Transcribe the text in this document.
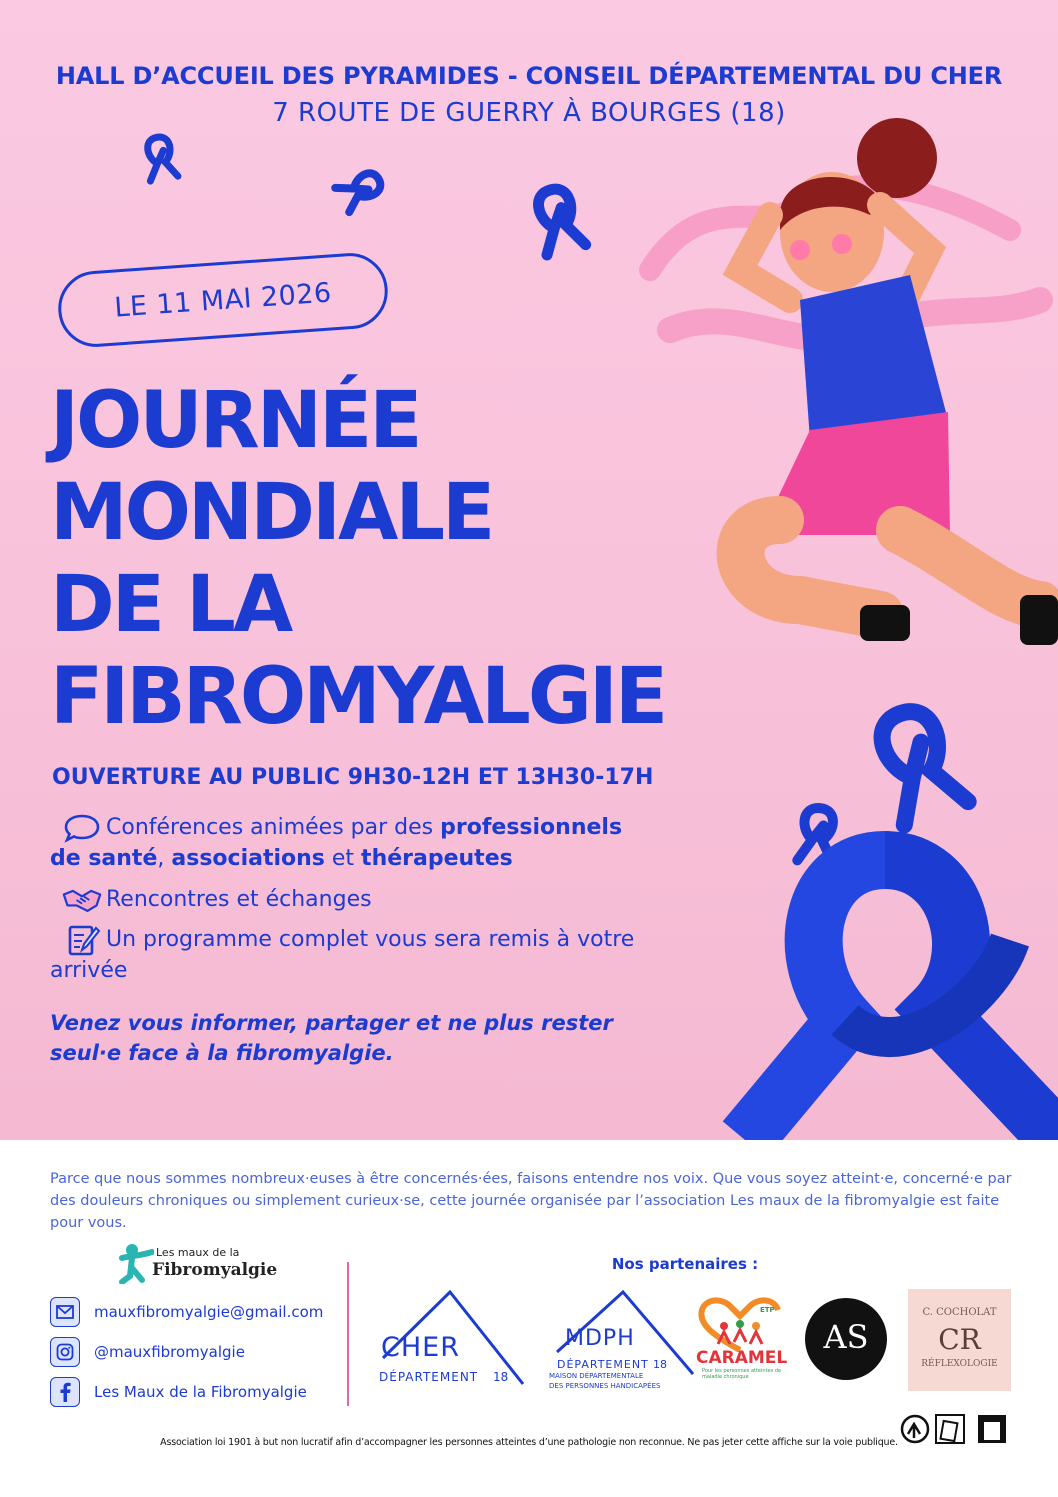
HALL D’ACCUEIL DES PYRAMIDES - CONSEIL DÉPARTEMENTAL DU CHER
7 ROUTE DE GUERRY À BOURGES (18)
LE 11 MAI 2026
JOURNÉE
MONDIALE
DE LA
FIBROMYALGIE
OUVERTURE AU PUBLIC 9H30-12H ET 13H30-17H
Conférences animées par des professionnels
de santé, associations et thérapeutes
Rencontres et échanges
Un programme complet vous sera remis à votre arrivée
Venez vous informer, partager et ne plus rester seul·e face à la fibromyalgie.
Parce que nous sommes nombreux·euses à être concernés·ées, faisons entendre nos voix. Que vous soyez atteint·e, concerné·e par des douleurs chroniques ou simplement curieux·se, cette journée organisée par l’association Les maux de la fibromyalgie est faite pour vous.
Les maux de la
Fibromyalgie
mauxfibromyalgie@gmail.com
@mauxfibromyalgie
Les Maux de la Fibromyalgie
Nos partenaires :
CHER
DÉPARTEMENT 18
MDPH
DÉPARTEMENT 18
MAISON DÉPARTEMENTALE
DES PERSONNES HANDICAPÉES
ETP
CARAMEL
Pour les personnes atteintes de maladie chronique
AS
C. COCHOLAT
CR
RÉFLEXOLOGIE
Association loi 1901 à but non lucratif afin d’accompagner les personnes atteintes d’une pathologie non reconnue. Ne pas jeter cette affiche sur la voie publique.
